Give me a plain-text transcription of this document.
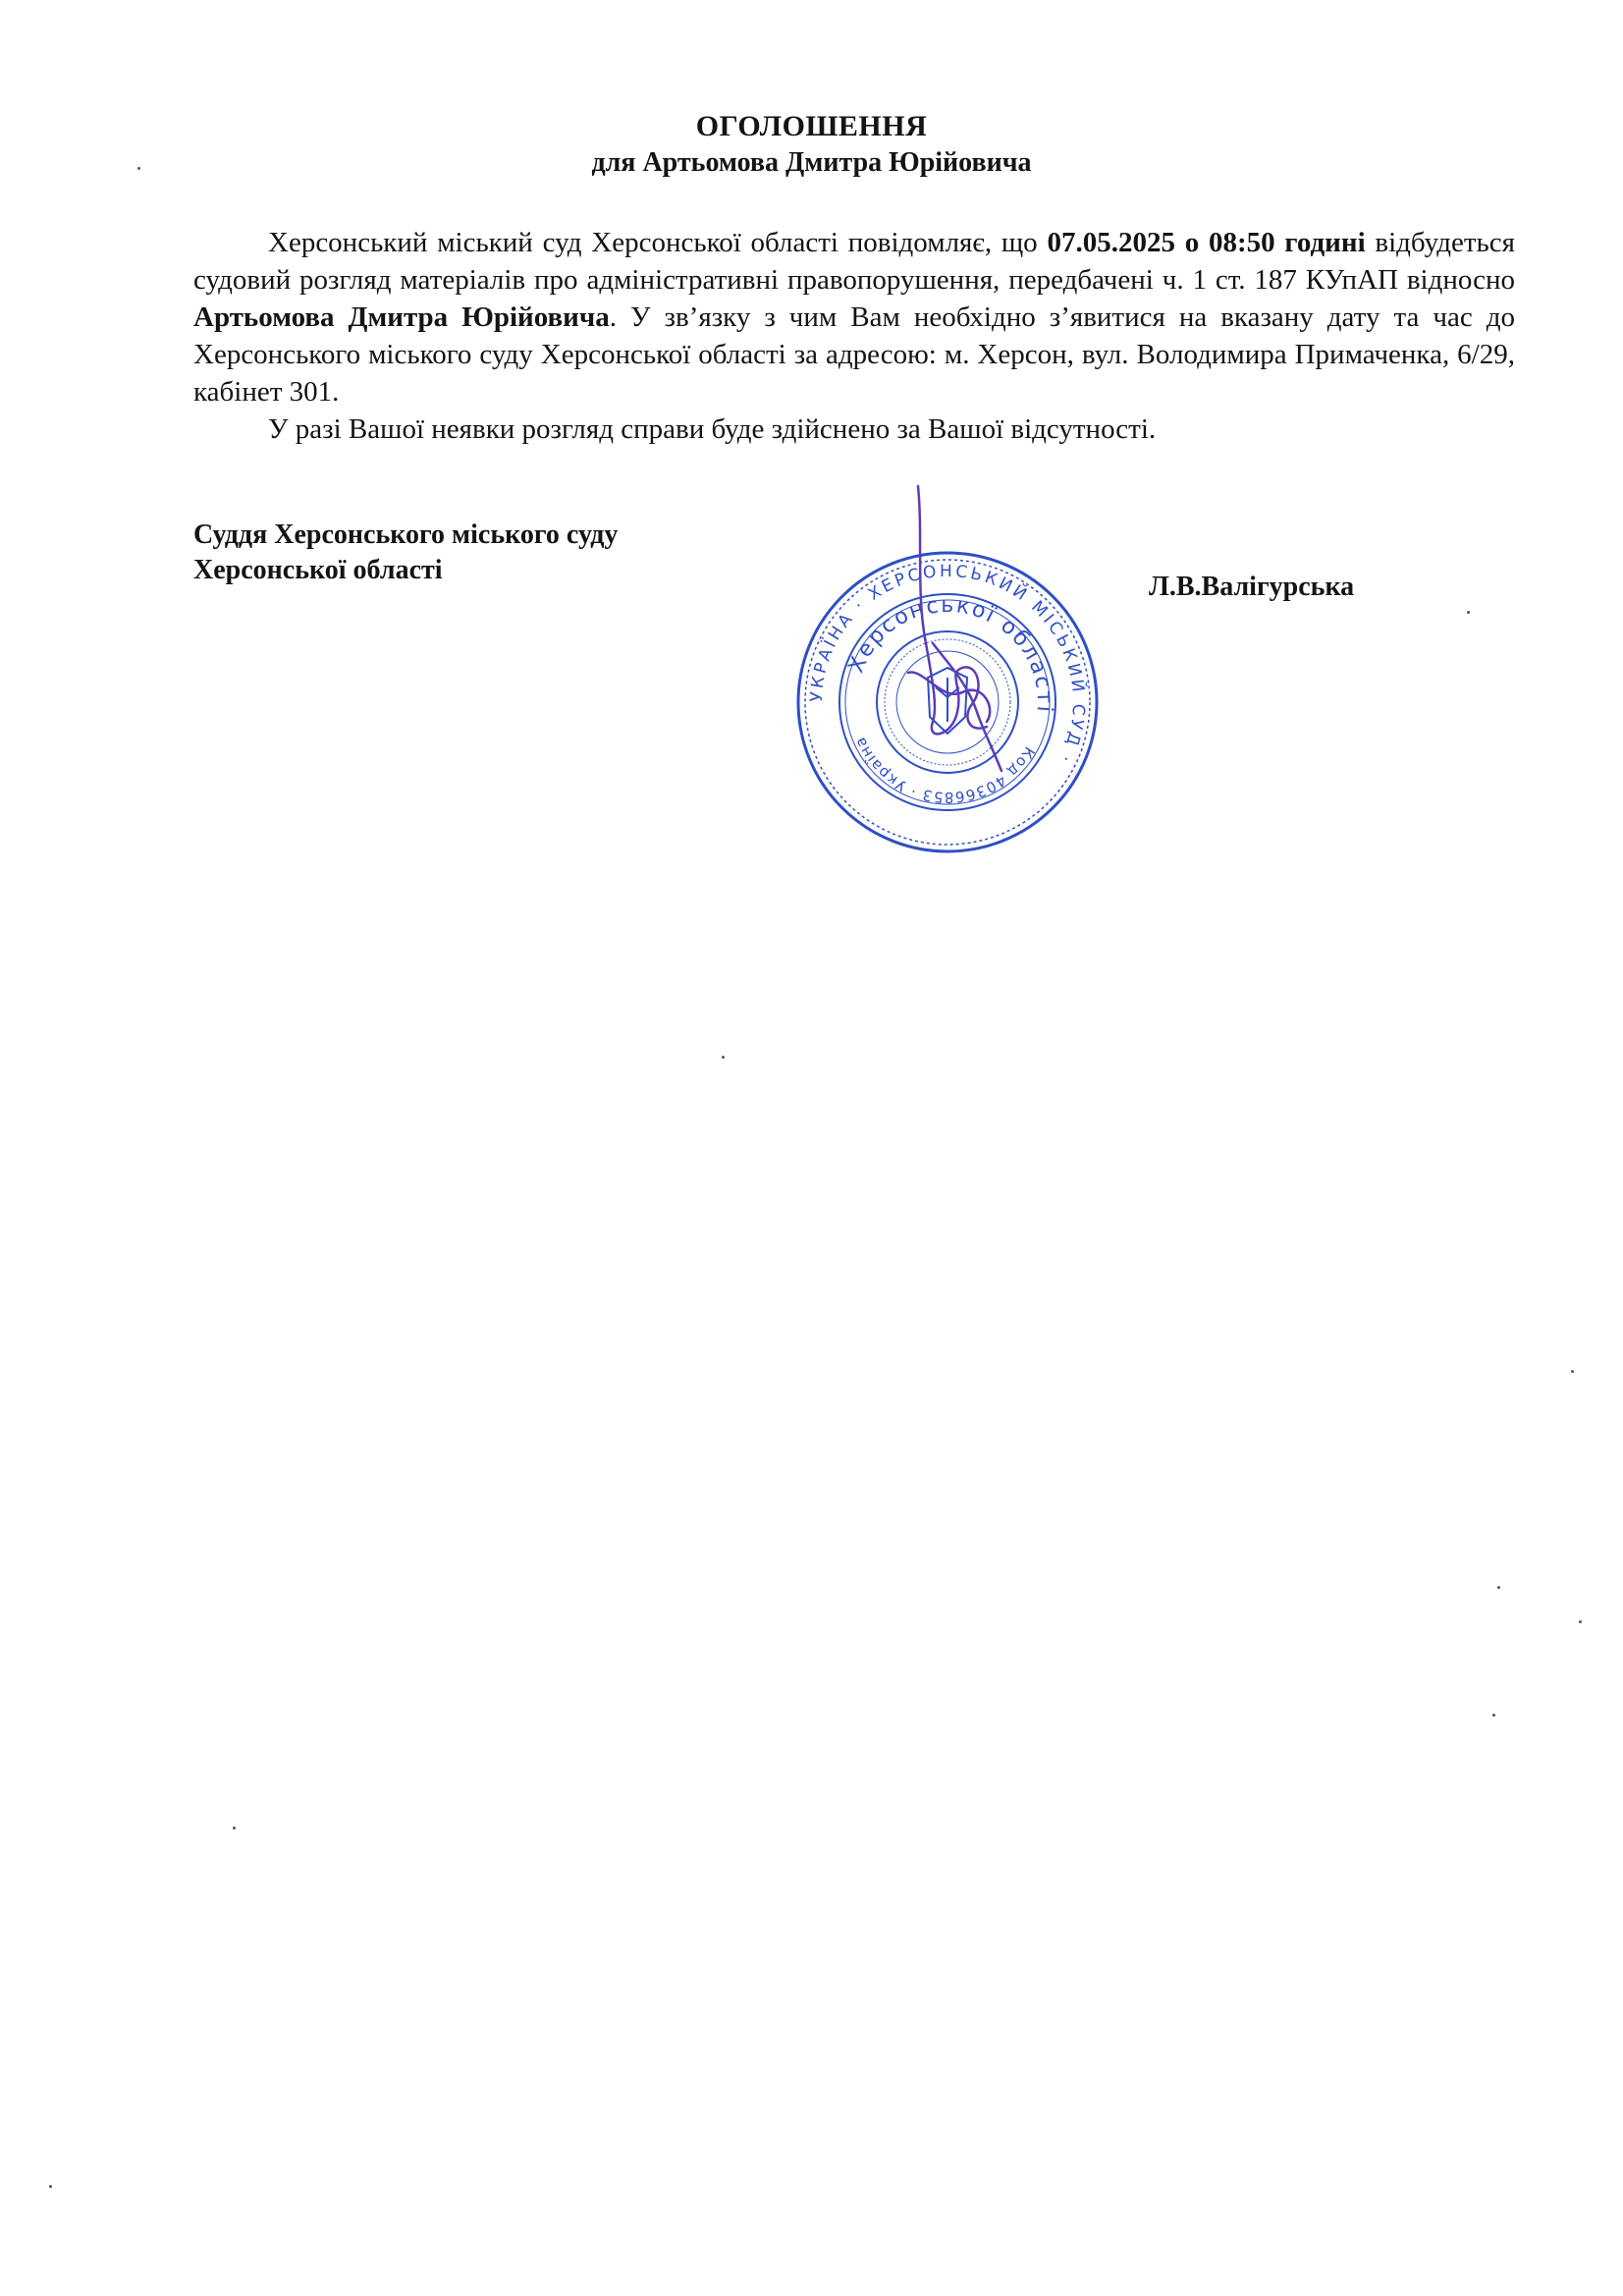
ОГОЛОШЕННЯ
для Артьомова Дмитра Юрійовича

Херсонський міський суд Херсонської області повідомляє, що 07.05.2025 о 08:50 годині відбудеться судовий розгляд матеріалів про адміністративні правопорушення, передбачені ч. 1 ст. 187 КУпАП відносно Артьомова Дмитра Юрійовича. У зв’язку з чим Вам необхідно з’явитися на вказану дату та час до Херсонського міського суду Херсонської області за адресою: м. Херсон, вул. Володимира Примаченка, 6/29, кабінет 301.

У разі Вашої неявки розгляд справи буде здійснено за Вашої відсутності.

Суддя Херсонського міського суду
Херсонської області
Л.В.Валігурська
УКРАЇНА · ХЕРСОНСЬКИЙ МІСЬКИЙ СУД ·
Херсонської області
Код 40366853 · Україна
